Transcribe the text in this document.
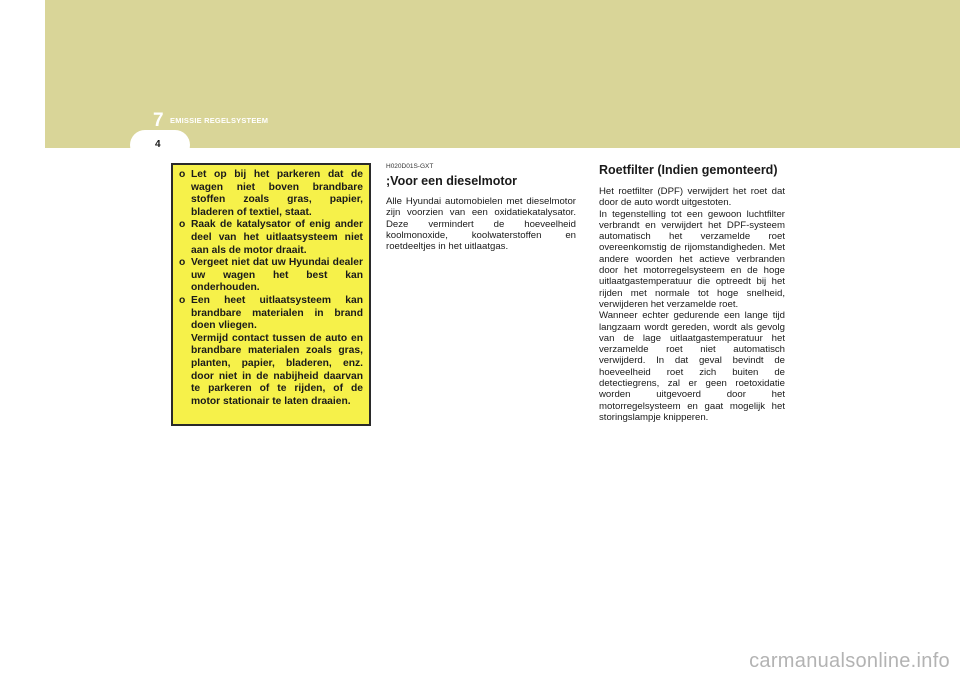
7 EMISSIE REGELSYSTEEM
4
o Let op bij het parkeren dat de wagen niet boven brandbare stoffen zoals gras, papier, bladeren of textiel, staat.
o Raak de katalysator of enig ander deel van het uitlaatsysteem niet aan als de motor draait.
o Vergeet niet dat uw Hyundai dealer uw wagen het best kan onderhouden.
o Een heet uitlaatsysteem kan brandbare materialen in brand doen vliegen.
Vermijd contact tussen de auto en brandbare materialen zoals gras, planten, papier, bladeren, enz. door niet in de nabijheid daarvan te parkeren of te rijden, of de motor stationair te laten draaien.
H020D01S-GXT
;Voor een dieselmotor
Alle Hyundai automobielen met dieselmotor zijn voorzien van een oxidatiekatalysator. Deze vermindert de hoeveelheid koolmonoxide, koolwaterstoffen en roetdeeltjes in het uitlaatgas.
Roetfilter (Indien gemonteerd)

Het roetfilter (DPF) verwijdert het roet dat door de auto wordt uitgestoten.

In tegenstelling tot een gewoon luchtfilter verbrandt en verwijdert het DPF-systeem automatisch het verzamelde roet overeenkomstig de rijomstandigheden. Met andere woorden het actieve verbranden door het motorregelsysteem en de hoge uitlaatgastemperatuur die optreedt bij het rijden met normale tot hoge snelheid, verwijderen het verzamelde roet.

Wanneer echter gedurende een lange tijd langzaam wordt gereden, wordt als gevolg van de lage uitlaatgastemperatuur het verzamelde roet niet automatisch verwijderd. In dat geval bevindt de hoeveelheid roet zich buiten de detectiegrens, zal er geen roetoxidatie worden uitgevoerd door het motorregelsysteem en gaat mogelijk het storingslampje knipperen.

carmanualsonline.info
